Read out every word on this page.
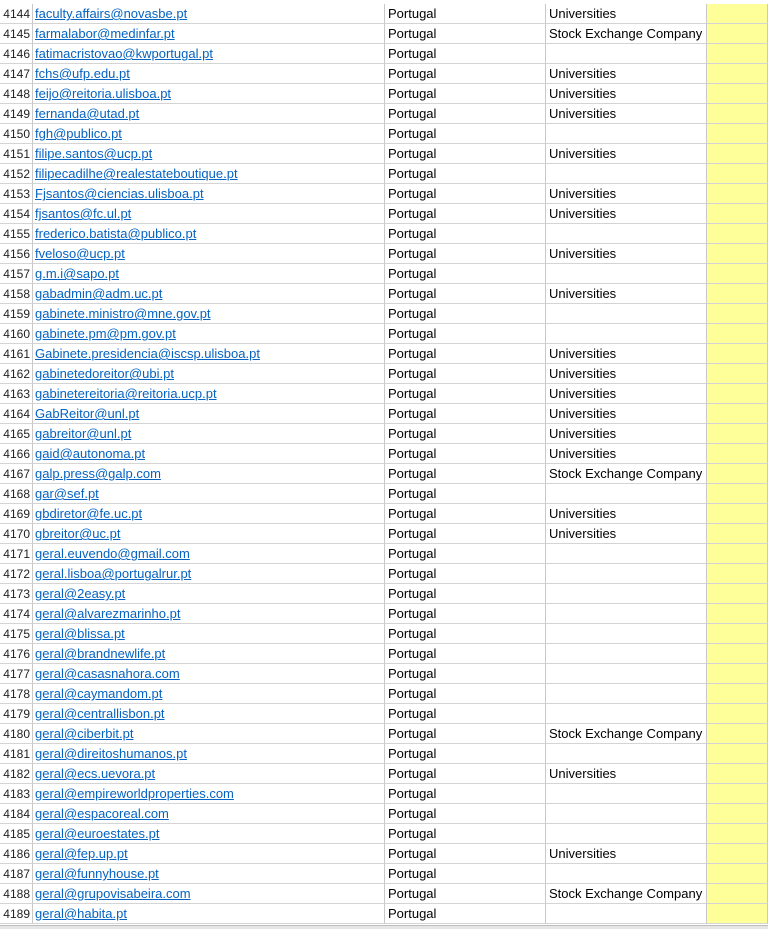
4144 faculty.affairs@novasbe.pt	Portugal	Universities
4145 farmalabor@medinfar.pt	Portugal	Stock Exchange Company
4146 fatimacristovao@kwportugal.pt	Portugal
4147 fchs@ufp.edu.pt	Portugal	Universities
4148 feijo@reitoria.ulisboa.pt	Portugal	Universities
4149 fernanda@utad.pt	Portugal	Universities
4150 fgh@publico.pt	Portugal
4151 filipe.santos@ucp.pt	Portugal	Universities
4152 filipecadilhe@realestateboutique.pt	Portugal
4153 Fjsantos@ciencias.ulisboa.pt	Portugal	Universities
4154 fjsantos@fc.ul.pt	Portugal	Universities
4155 frederico.batista@publico.pt	Portugal
4156 fveloso@ucp.pt	Portugal	Universities
4157 g.m.i@sapo.pt	Portugal
4158 gabadmin@adm.uc.pt	Portugal	Universities
4159 gabinete.ministro@mne.gov.pt	Portugal
4160 gabinete.pm@pm.gov.pt	Portugal
4161 Gabinete.presidencia@iscsp.ulisboa.pt	Portugal	Universities
4162 gabinetedoreitor@ubi.pt	Portugal	Universities
4163 gabinetereitoria@reitoria.ucp.pt	Portugal	Universities
4164 GabReitor@unl.pt	Portugal	Universities
4165 gabreitor@unl.pt	Portugal	Universities
4166 gaid@autonoma.pt	Portugal	Universities
4167 galp.press@galp.com	Portugal	Stock Exchange Company
4168 gar@sef.pt	Portugal
4169 gbdiretor@fe.uc.pt	Portugal	Universities
4170 gbreitor@uc.pt	Portugal	Universities
4171 geral.euvendo@gmail.com	Portugal
4172 geral.lisboa@portugalrur.pt	Portugal
4173 geral@2easy.pt	Portugal
4174 geral@alvarezmarinho.pt	Portugal
4175 geral@blissa.pt	Portugal
4176 geral@brandnewlife.pt	Portugal
4177 geral@casasnahora.com	Portugal
4178 geral@caymandom.pt	Portugal
4179 geral@centrallisbon.pt	Portugal
4180 geral@ciberbit.pt	Portugal	Stock Exchange Company
4181 geral@direitoshumanos.pt	Portugal
4182 geral@ecs.uevora.pt	Portugal	Universities
4183 geral@empireworldproperties.com	Portugal
4184 geral@espacoreal.com	Portugal
4185 geral@euroestates.pt	Portugal
4186 geral@fep.up.pt	Portugal	Universities
4187 geral@funnyhouse.pt	Portugal
4188 geral@grupovisabeira.com	Portugal	Stock Exchange Company
4189 geral@habita.pt	Portugal
